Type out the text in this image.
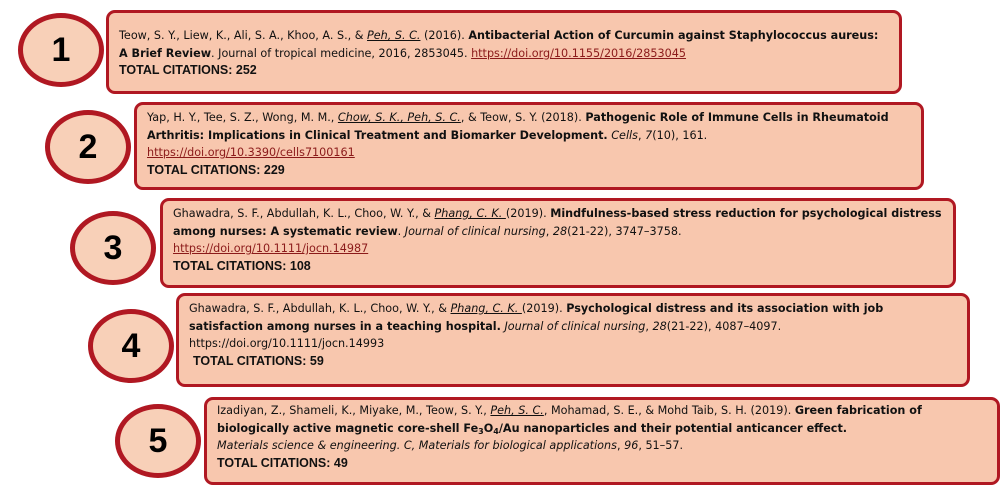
1	Teow, S. Y., Liew, K., Ali, S. A., Khoo, A. S., & Peh, S. C. (2016). Antibacterial Action of Curcumin against Staphylococcus aureus: A Brief Review. Journal of tropical medicine, 2016, 2853045. https://doi.org/10.1155/2016/2853045
TOTAL CITATIONS: 252
2
Yap, H. Y., Tee, S. Z., Wong, M. M., Chow, S. K., Peh, S. C., & Teow, S. Y. (2018). Pathogenic Role of Immune Cells in Rheumatoid Arthritis: Implications in Clinical Treatment and Biomarker Development. Cells, 7(10), 161.
https://doi.org/10.3390/cells7100161
TOTAL CITATIONS: 229
3
Ghawadra, S. F., Abdullah, K. L., Choo, W. Y., & Phang, C. K. (2019). Mindfulness-based stress reduction for psychological distress among nurses: A systematic review. Journal of clinical nursing, 28(21-22), 3747–3758.
https://doi.org/10.1111/jocn.14987
TOTAL CITATIONS: 108
4
Ghawadra, S. F., Abdullah, K. L., Choo, W. Y., & Phang, C. K. (2019). Psychological distress and its association with job satisfaction among nurses in a teaching hospital. Journal of clinical nursing, 28(21-22), 4087–4097.
https://doi.org/10.1111/jocn.14993
TOTAL CITATIONS: 59
5
Izadiyan, Z., Shameli, K., Miyake, M., Teow, S. Y., Peh, S. C., Mohamad, S. E., & Mohd Taib, S. H. (2019). Green fabrication of biologically active magnetic core-shell $Fe_3O_4/Au$ nanoparticles and their potential anticancer effect.
Materials science & engineering. C, Materials for biological applications, 96, 51–57.
TOTAL CITATIONS: 49
